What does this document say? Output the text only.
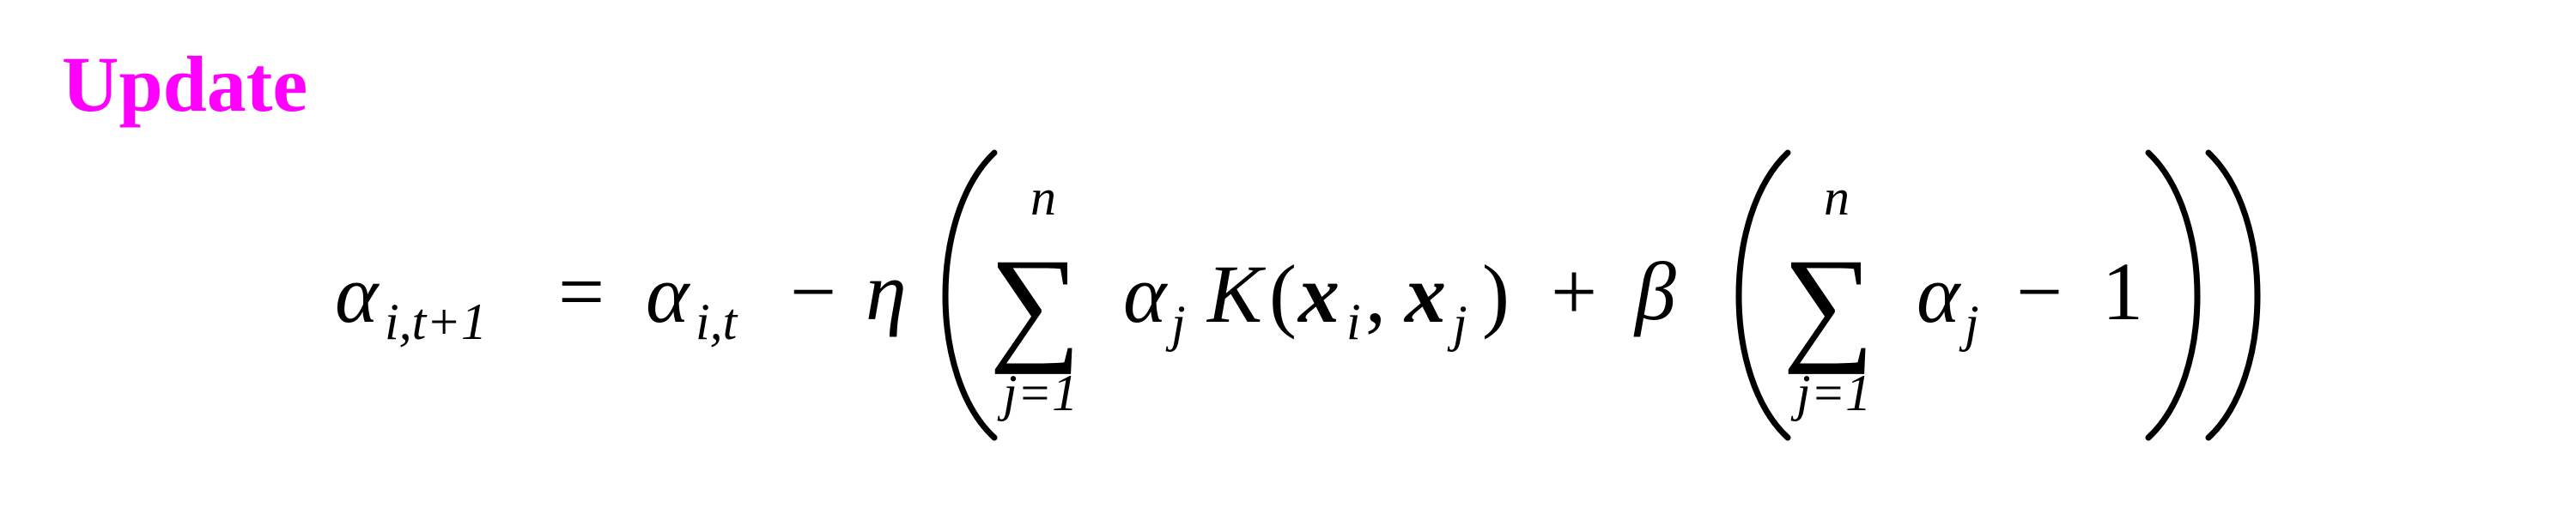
Update
α i,t+1 = α i,t − η
n
∑
j=1
α j K ( x i , x j ) + β
n
∑
j=1
α j − 1
